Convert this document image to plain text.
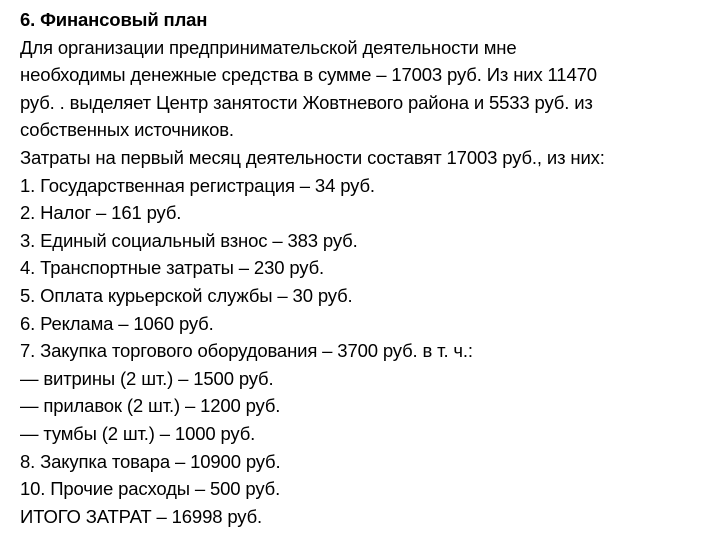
6. Финансовый план
Для организации предпринимательской деятельности мне
необходимы денежные средства в сумме – 17003 руб. Из них 11470
руб. . выделяет Центр занятости Жовтневого района и 5533 руб. из
собственных источников.
Затраты на первый месяц деятельности составят 17003 руб., из них:
1. Государственная регистрация – 34 руб.
2. Налог – 161 руб.
3. Единый социальный взнос – 383 руб.
4. Транспортные затраты – 230 руб.
5. Оплата курьерской службы – 30 руб.
6. Реклама – 1060 руб.
7. Закупка торгового оборудования – 3700 руб. в т. ч.:
— витрины (2 шт.) – 1500 руб.
— прилавок (2 шт.) – 1200 руб.
— тумбы (2 шт.) – 1000 руб.
8. Закупка товара – 10900 руб.
10. Прочие расходы – 500 руб.
ИТОГО ЗАТРАТ – 16998 руб.
